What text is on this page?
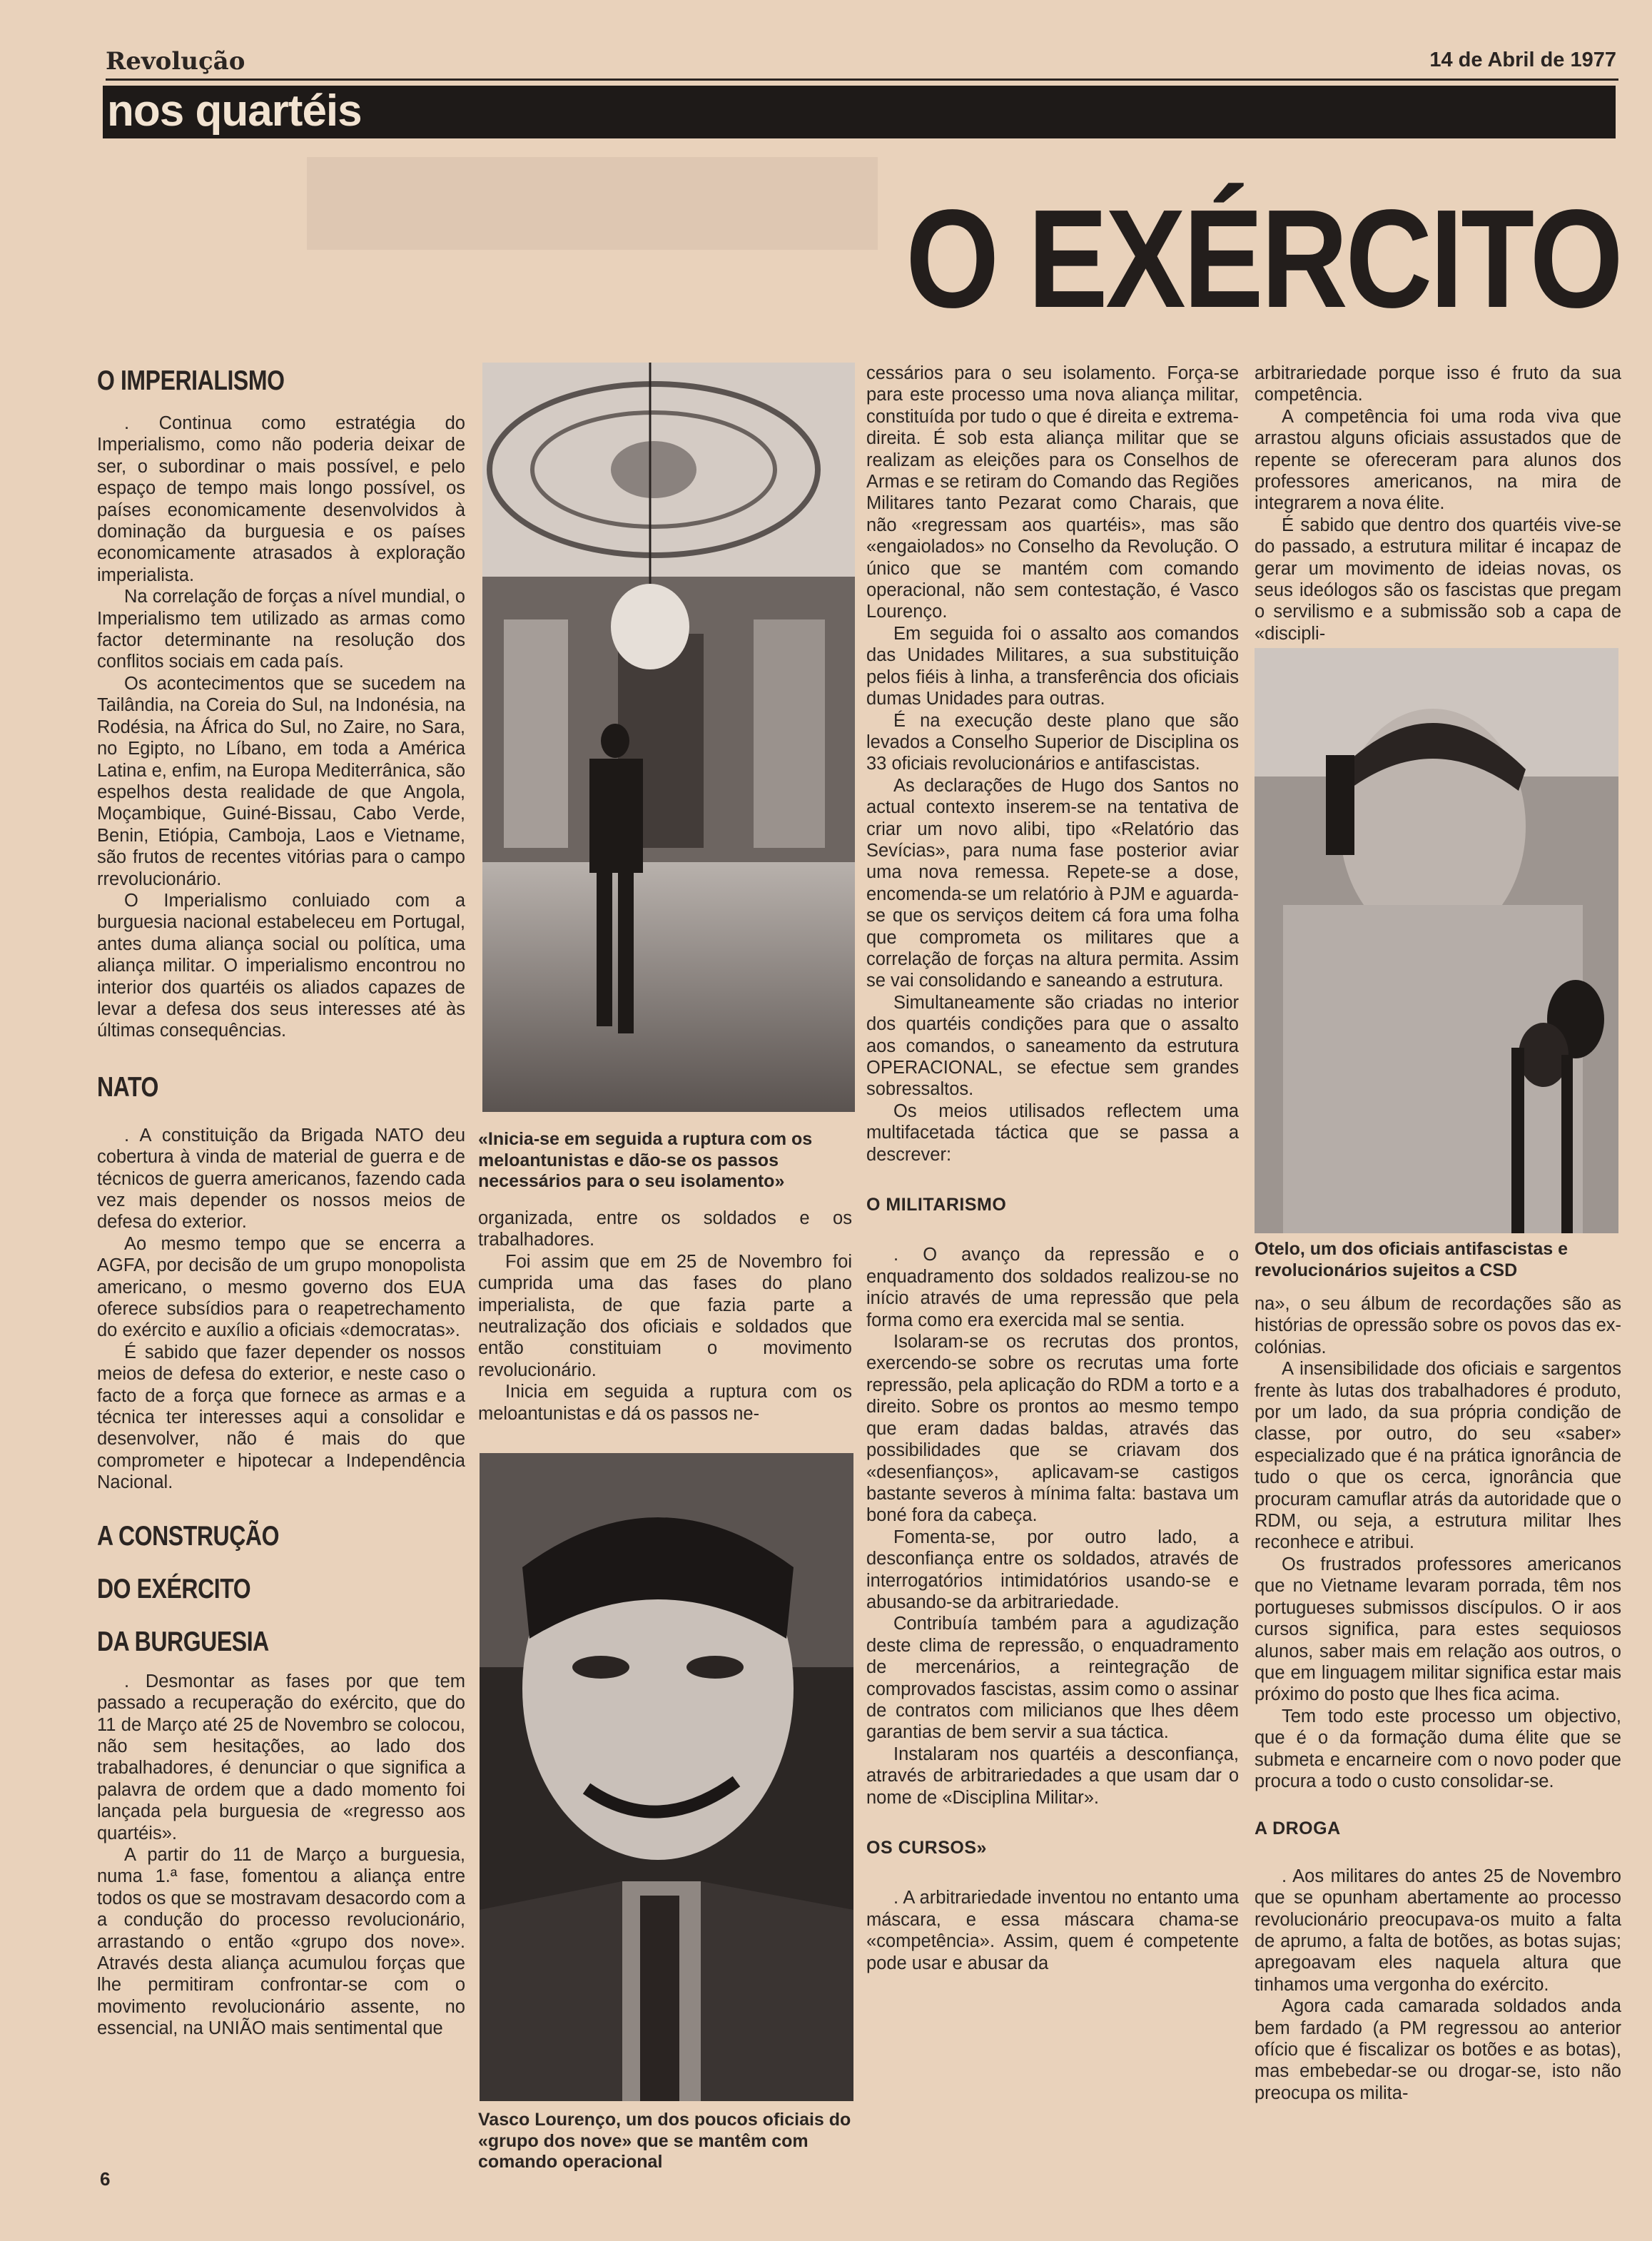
Revolução	14 de Abril de 1977
nos quartéis
O EXÉRCITO
O IMPERIALISMO

. Continua como estratégia do Imperialismo, como não poderia deixar de ser, o subordinar o mais possível, e pelo espaço de tempo mais longo possível, os países economicamente desenvolvidos à dominação da burguesia e os países economicamente atrasados à exploração imperialista.

Na correlação de forças a nível mundial, o Imperialismo tem utilizado as armas como factor determinante na resolução dos conflitos sociais em cada país.

Os acontecimentos que se sucedem na Tailândia, na Coreia do Sul, na Indonésia, na Rodésia, na África do Sul, no Zaire, no Sara, no Egipto, no Líbano, em toda a América Latina e, enfim, na Europa Mediterrânica, são espelhos desta realidade de que Angola, Moçambique, Guiné-Bissau, Cabo Verde, Benin, Etiópia, Camboja, Laos e Vietname, são frutos de recentes vitórias para o campo rrevolucionário.

O Imperialismo conluiado com a burguesia nacional estabeleceu em Portugal, antes duma aliança social ou política, uma aliança militar. O imperialismo encontrou no interior dos quartéis os aliados capazes de levar a defesa dos seus interesses até às últimas consequências.

NATO

. A constituição da Brigada NATO deu cobertura à vinda de material de guerra e de técnicos de guerra americanos, fazendo cada vez mais depender os nossos meios de defesa do exterior.

Ao mesmo tempo que se encerra a AGFA, por decisão de um grupo monopolista americano, o mesmo governo dos EUA oferece subsídios para o reapetrechamento do exército e auxílio a oficiais «democratas».

É sabido que fazer depender os nossos meios de defesa do exterior, e neste caso o facto de a força que fornece as armas e a técnica ter interesses aqui a consolidar e desenvolver, não é mais do que comprometer e hipotecar a Independência Nacional.

A CONSTRUÇÃO
DO EXÉRCITO
DA BURGUESIA

. Desmontar as fases por que tem passado a recuperação do exército, que do 11 de Março até 25 de Novembro se colocou, não sem hesitações, ao lado dos trabalhadores, é denunciar o que significa a palavra de ordem que a dado momento foi lançada pela burguesia de «regresso aos quartéis».

A partir do 11 de Março a burguesia, numa 1.ª fase, fomentou a aliança entre todos os que se mostravam desacordo com a a condução do processo revolucionário, arrastando o então «grupo dos nove». Através desta aliança acumulou forças que lhe permitiram confrontar-se com o movimento revolucionário assente, no essencial, na UNIÃO mais sentimental que

6
«Inicia-se em seguida a ruptura com os meloantunistas e dão-se os passos necessários para o seu isolamento»

organizada, entre os soldados e os trabalhadores.

Foi assim que em 25 de Novembro foi cumprida uma das fases do plano imperialista, de que fazia parte a neutralização dos oficiais e soldados que então constituiam o movimento revolucionário.

Inicia em seguida a ruptura com os meloantunistas e dá os passos ne-

Vasco Lourenço, um dos poucos oficiais do «grupo dos nove» que se mantêm com comando operacional

cessários para o seu isolamento. Força-se para este processo uma nova aliança militar, constituída por tudo o que é direita e extrema-direita. É sob esta aliança militar que se realizam as eleições para os Conselhos de Armas e se retiram do Comando das Regiões Militares tanto Pezarat como Charais, que não «regressam aos quartéis», mas são «engaiolados» no Conselho da Revolução. O único que se mantém com comando operacional, não sem contestação, é Vasco Lourenço.

Em seguida foi o assalto aos comandos das Unidades Militares, a sua substituição pelos fiéis à linha, a transferência dos oficiais dumas Unidades para outras.

É na execução deste plano que são levados a Conselho Superior de Disciplina os 33 oficiais revolucionários e antifascistas.

As declarações de Hugo dos Santos no actual contexto inserem-se na tentativa de criar um novo alibi, tipo «Relatório das Sevícias», para numa fase posterior aviar uma nova remessa. Repete-se a dose, encomenda-se um relatório à PJM e aguarda-se que os serviços deitem cá fora uma folha que comprometa os militares que a correlação de forças na altura permita. Assim se vai consolidando e saneando a estrutura.

Simultaneamente são criadas no interior dos quartéis condições para que o assalto aos comandos, o saneamento da estrutura OPERACIONAL, se efectue sem grandes sobressaltos.

Os meios utilisados reflectem uma multifacetada táctica que se passa a descrever:

O MILITARISMO

. O avanço da repressão e o enquadramento dos soldados realizou-se no início através de uma repressão que pela forma como era exercida mal se sentia.

Isolaram-se os recrutas dos prontos, exercendo-se sobre os recrutas uma forte repressão, pela aplicação do RDM a torto e a direito. Sobre os prontos ao mesmo tempo que eram dadas baldas, através das possibilidades que se criavam dos «desenfianços», aplicavam-se castigos bastante severos à mínima falta: bastava um boné fora da cabeça.

Fomenta-se, por outro lado, a desconfiança entre os soldados, através de interrogatórios intimidatórios usando-se e abusando-se da arbitrariedade.

Contribuía também para a agudização deste clima de repressão, o enquadramento de mercenários, a reintegração de comprovados fascistas, assim como o assinar de contratos com milicianos que lhes dêem garantias de bem servir a sua táctica.

Instalaram nos quartéis a desconfiança, através de arbitrariedades a que usam dar o nome de «Disciplina Militar».

OS CURSOS»

. A arbitrariedade inventou no entanto uma máscara, e essa máscara chama-se «competência». Assim, quem é competente pode usar e abusar da

arbitrariedade porque isso é fruto da sua competência.

A competência foi uma roda viva que arrastou alguns oficiais assustados que de repente se ofereceram para alunos dos professores americanos, na mira de integrarem a nova élite.

É sabido que dentro dos quartéis vive-se do passado, a estrutura militar é incapaz de gerar um movimento de ideias novas, os seus ideólogos são os fascistas que pregam o servilismo e a submissão sob a capa de «discipli-

Otelo, um dos oficiais antifascistas e revolucionários sujeitos a CSD

na», o seu álbum de recordações são as histórias de opressão sobre os povos das ex-colónias.

A insensibilidade dos oficiais e sargentos frente às lutas dos trabalhadores é produto, por um lado, da sua própria condição de classe, por outro, do seu «saber» especializado que é na prática ignorância de tudo o que os cerca, ignorância que procuram camuflar atrás da autoridade que o RDM, ou seja, a estrutura militar lhes reconhece e atribui.

Os frustrados professores americanos que no Vietname levaram porrada, têm nos portugueses submissos discípulos. O ir aos cursos significa, para estes sequiosos alunos, saber mais em relação aos outros, o que em linguagem militar significa estar mais próximo do posto que lhes fica acima.

Tem todo este processo um objectivo, que é o da formação duma élite que se submeta e encarneire com o novo poder que procura a todo o custo consolidar-se.

A DROGA

. Aos militares do antes 25 de Novembro que se opunham abertamente ao processo revolucionário preocupava-os muito a falta de aprumo, a falta de botões, as botas sujas; apregoavam eles naquela altura que tinhamos uma vergonha do exército.

Agora cada camarada soldados anda bem fardado (a PM regressou ao anterior ofício que é fiscalizar os botões e as botas), mas embebedar-se ou drogar-se, isto não preocupa os milita-
